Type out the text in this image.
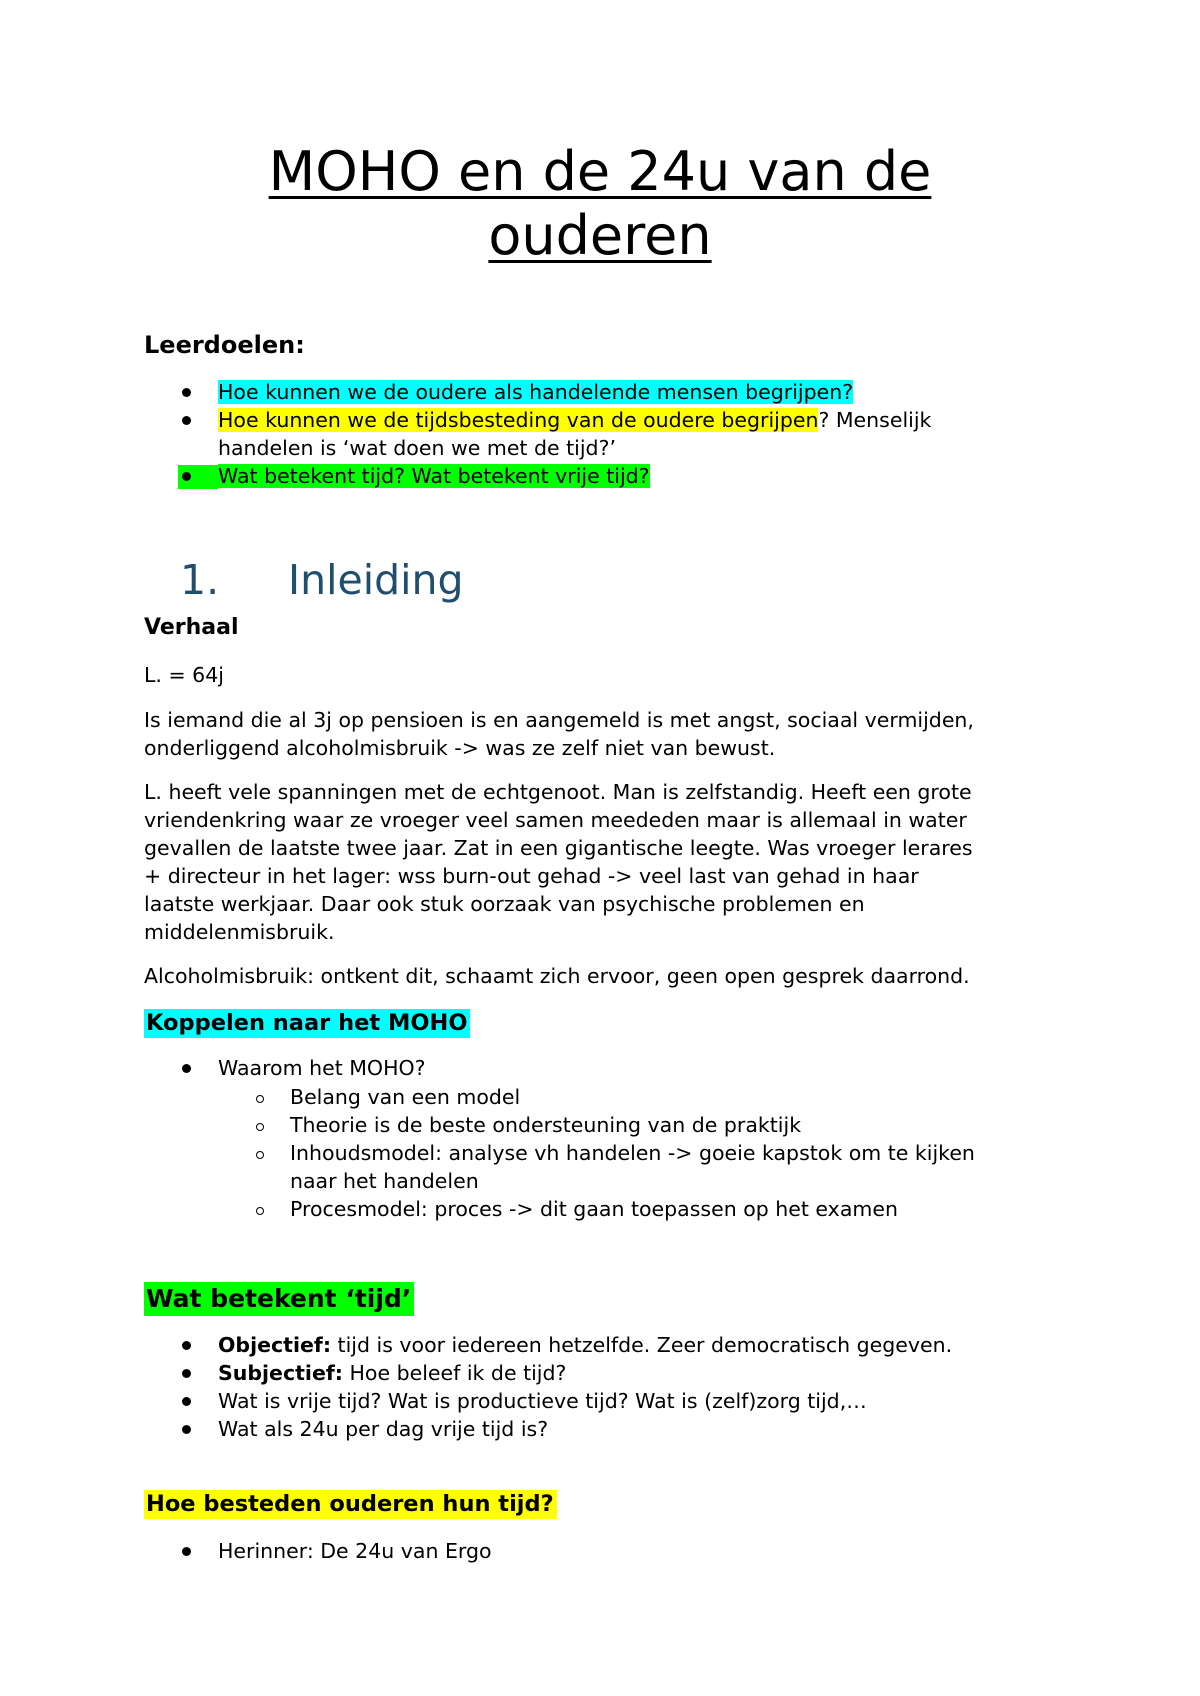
MOHO en de 24u van de
ouderen
Leerdoelen:
Hoe kunnen we de oudere als handelende mensen begrijpen?
Hoe kunnen we de tijdsbesteding van de oudere begrijpen? Menselijk
handelen is ‘wat doen we met de tijd?’
Wat betekent tijd? Wat betekent vrije tijd?
1. Inleiding
Verhaal

L. = 64j

Is iemand die al 3j op pensioen is en aangemeld is met angst, sociaal vermijden,
onderliggend alcoholmisbruik -> was ze zelf niet van bewust.

L. heeft vele spanningen met de echtgenoot. Man is zelfstandig. Heeft een grote
vriendenkring waar ze vroeger veel samen meededen maar is allemaal in water
gevallen de laatste twee jaar. Zat in een gigantische leegte. Was vroeger lerares
+ directeur in het lager: wss burn-out gehad -> veel last van gehad in haar
laatste werkjaar. Daar ook stuk oorzaak van psychische problemen en
middelenmisbruik.

Alcoholmisbruik: ontkent dit, schaamt zich ervoor, geen open gesprek daarrond.

Koppelen naar het MOHO
Waarom het MOHO?
Belang van een model
Theorie is de beste ondersteuning van de praktijk
Inhoudsmodel: analyse vh handelen -> goeie kapstok om te kijken
naar het handelen
Procesmodel: proces -> dit gaan toepassen op het examen
Wat betekent ‘tijd’
Objectief: tijd is voor iedereen hetzelfde. Zeer democratisch gegeven.
Subjectief: Hoe beleef ik de tijd?
Wat is vrije tijd? Wat is productieve tijd? Wat is (zelf)zorg tijd,…
Wat als 24u per dag vrije tijd is?
Hoe besteden ouderen hun tijd?
Herinner: De 24u van Ergo
